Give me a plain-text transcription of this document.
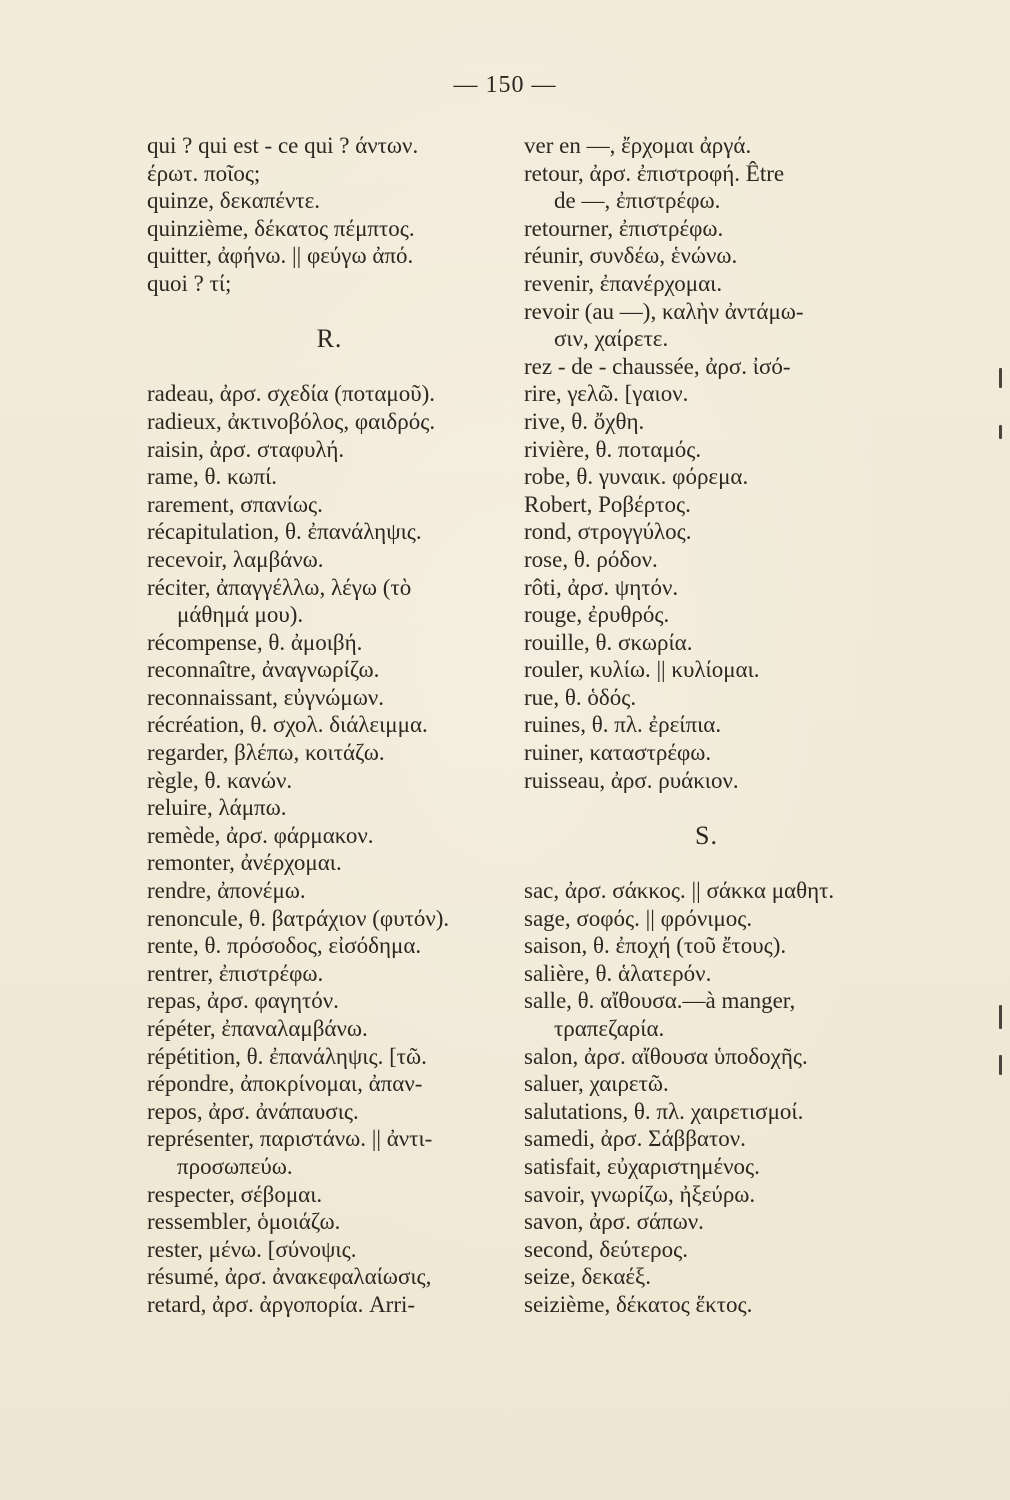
— 150 —
qui ? qui est - ce qui ? άντων.
έρωτ. ποῖος;
quinze, δεκαπέντε.
quinzième, δέκατος πέμπτος.
quitter, ἀφήνω. || φεύγω ἀπό.
quoi ? τί;
R.
radeau, ἀρσ. σχεδία (ποταμοῦ).
radieux, ἀκτινοβόλος, φαιδρός.
raisin, ἀρσ. σταφυλή.
rame, θ. κωπί.
rarement, σπανίως.
récapitulation, θ. ἐπανάληψις.
recevoir, λαμβάνω.
réciter, ἀπαγγέλλω, λέγω (τὸ
μάθημά μου).
récompense, θ. ἀμοιβή.
reconnaître, ἀναγνωρίζω.
reconnaissant, εὐγνώμων.
récréation, θ. σχολ. διάλειμμα.
regarder, βλέπω, κοιτάζω.
règle, θ. κανών.
reluire, λάμπω.
remède, ἀρσ. φάρμακον.
remonter, ἀνέρχομαι.
rendre, ἀπονέμω.
renoncule, θ. βατράχιον (φυτόν).
rente, θ. πρόσοδος, εἰσόδημα.
rentrer, ἐπιστρέφω.
repas, ἀρσ. φαγητόν.
répéter, ἐπαναλαμβάνω.
répétition, θ. ἐπανάληψις. [τῶ.
répondre, ἀποκρίνομαι, ἀπαν-
repos, ἀρσ. ἀνάπαυσις.
représenter, παριστάνω. || ἀντι-
προσωπεύω.
respecter, σέβομαι.
ressembler, ὁμοιάζω.
rester, μένω. [σύνοψις.
résumé, ἀρσ. ἀνακεφαλαίωσις,
retard, ἀρσ. ἀργοπορία. Arri-
ver en —, ἔρχομαι ἀργά.
retour, ἀρσ. ἐπιστροφή. Être
de —, ἐπιστρέφω.
retourner, ἐπιστρέφω.
réunir, συνδέω, ἑνώνω.
revenir, ἐπανέρχομαι.
revoir (au —), καλὴν ἀντάμω-
σιν, χαίρετε.
rez - de - chaussée, ἀρσ. ἰσό-
rire, γελῶ. [γαιον.
rive, θ. ὄχθη.
rivière, θ. ποταμός.
robe, θ. γυναικ. φόρεμα.
Robert, Ροβέρτος.
rond, στρογγύλος.
rose, θ. ρόδον.
rôti, ἀρσ. ψητόν.
rouge, ἐρυθρός.
rouille, θ. σκωρία.
rouler, κυλίω. || κυλίομαι.
rue, θ. ὁδός.
ruines, θ. πλ. ἐρείπια.
ruiner, καταστρέφω.
ruisseau, ἀρσ. ρυάκιον.
S.
sac, ἀρσ. σάκκος. || σάκκα μαθητ.
sage, σοφός. || φρόνιμος.
saison, θ. ἐποχή (τοῦ ἔτους).
salière, θ. ἁλατερόν.
salle, θ. αἴθουσα.—à manger,
τραπεζαρία.
salon, ἀρσ. αἴθουσα ὑποδοχῆς.
saluer, χαιρετῶ.
salutations, θ. πλ. χαιρετισμοί.
samedi, ἀρσ. Σάββατον.
satisfait, εὐχαριστημένος.
savoir, γνωρίζω, ἠξεύρω.
savon, ἀρσ. σάπων.
second, δεύτερος.
seize, δεκαέξ.
seizième, δέκατος ἕκτος.
